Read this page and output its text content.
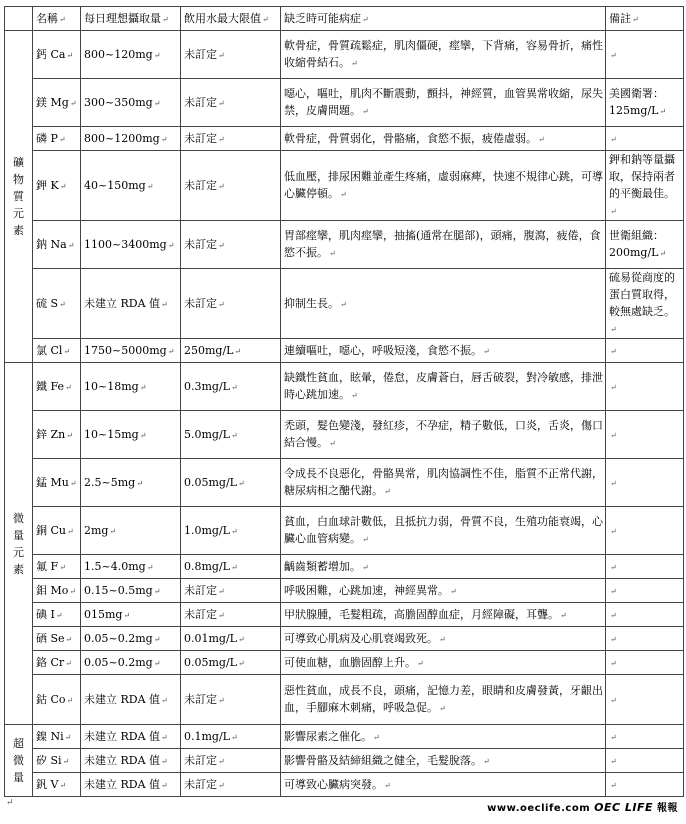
	名稱 ↵	每日理想攝取量 ↵	飲用水最大限值 ↵	缺乏時可能病症 ↵	備註 ↵

礦
物
質
元
素	鈣 Ca ↵	800~120mg ↵	未訂定 ↵	軟骨症，骨質疏鬆症，肌肉僵硬，痙攣，下背痛，容易骨折，痛性收縮骨結石。 ↵	↵
	鎂 Mg ↵	300~350mg ↵	未訂定 ↵	噁心，嘔吐，肌肉不斷震動，顫抖，神經質，血管異常收縮，尿失禁，皮膚問題。 ↵	美國衛署：125mg/L ↵
	磷 P ↵	800~1200mg ↵	未訂定 ↵	軟骨症，骨質弱化，骨骼痛，食慾不振，疲倦虛弱。 ↵	↵
	鉀 K ↵	40~150mg ↵	未訂定 ↵	低血壓，排尿困難並產生疼痛，虛弱麻痺，快速不規律心跳，可導心臟停頓。 ↵	鉀和鈉等量攝取，保持兩者的平衡最佳。 ↵
	鈉 Na ↵	1100~3400mg ↵	未訂定 ↵	胃部痙攣，肌肉痙攣，抽搐(通常在腿部)，頭痛，腹瀉，疲倦，食慾不振。 ↵	世衛組織：200mg/L ↵
	硫 S ↵	未建立 RDA 值 ↵	未訂定 ↵	抑制生長。 ↵	硫易從商度的蛋白質取得，較無處缺乏。 ↵
	氯 Cl ↵	1750~5000mg ↵	250mg/L ↵	連續嘔吐，噁心，呼吸短淺，食慾不振。 ↵	↵

微
量
元
素	鐵 Fe ↵	10~18mg ↵	0.3mg/L ↵	缺鐵性貧血，眩暈，倦怠，皮膚蒼白，唇舌破裂，對冷敏感，排泄時心跳加速。 ↵	↵
	鋅 Zn ↵	10~15mg ↵	5.0mg/L ↵	禿頭，髮色變淺，發紅疹，不孕症，精子數低，口炎，舌炎，傷口結合慢。 ↵	↵
	錳 Mu ↵	2.5~5mg ↵	0.05mg/L ↵	令成長不良惡化，骨骼異常，肌肉協調性不佳，脂質不正常代謝，糖尿病相之醣代謝。 ↵	↵
	銅 Cu ↵	2mg ↵	1.0mg/L ↵	貧血，白血球計數低，且抵抗力弱，骨質不良，生殖功能衰竭，心臟心血管病變。 ↵	↵
	氟 F ↵	1.5~4.0mg ↵	0.8mg/L ↵	齲齒類蓄增加。 ↵	↵
	鉬 Mo ↵	0.15~0.5mg ↵	未訂定 ↵	呼吸困難，心跳加速，神經異常。 ↵	↵
	碘 I ↵	015mg ↵	未訂定 ↵	甲狀腺腫，毛髮粗疏，高膽固醇血症，月經障礙，耳聾。 ↵	↵
	硒 Se ↵	0.05~0.2mg ↵	0.01mg/L ↵	可導致心肌病及心肌衰竭致死。 ↵	↵
	鉻 Cr ↵	0.05~0.2mg ↵	0.05mg/L ↵	可使血糖，血膽固醇上升。 ↵	↵
	鈷 Co ↵	未建立 RDA 值 ↵	未訂定 ↵	惡性貧血，成長不良，頭痛，記憶力差，眼睛和皮膚發黃，牙齦出血，手腳麻木刺痛，呼吸急促。 ↵	↵

超
微
量	鎳 Ni ↵	未建立 RDA 值 ↵	0.1mg/L ↵	影響尿素之催化。 ↵	↵
	矽 Si ↵	未建立 RDA 值 ↵	未訂定 ↵	影響骨骼及結締組織之健全，毛髮脫落。 ↵	↵
	釩 V ↵	未建立 RDA 值 ↵	未訂定 ↵	可導致心臟病突發。 ↵	↵
↵	www.oeclife.com OEC LIFE 報報
